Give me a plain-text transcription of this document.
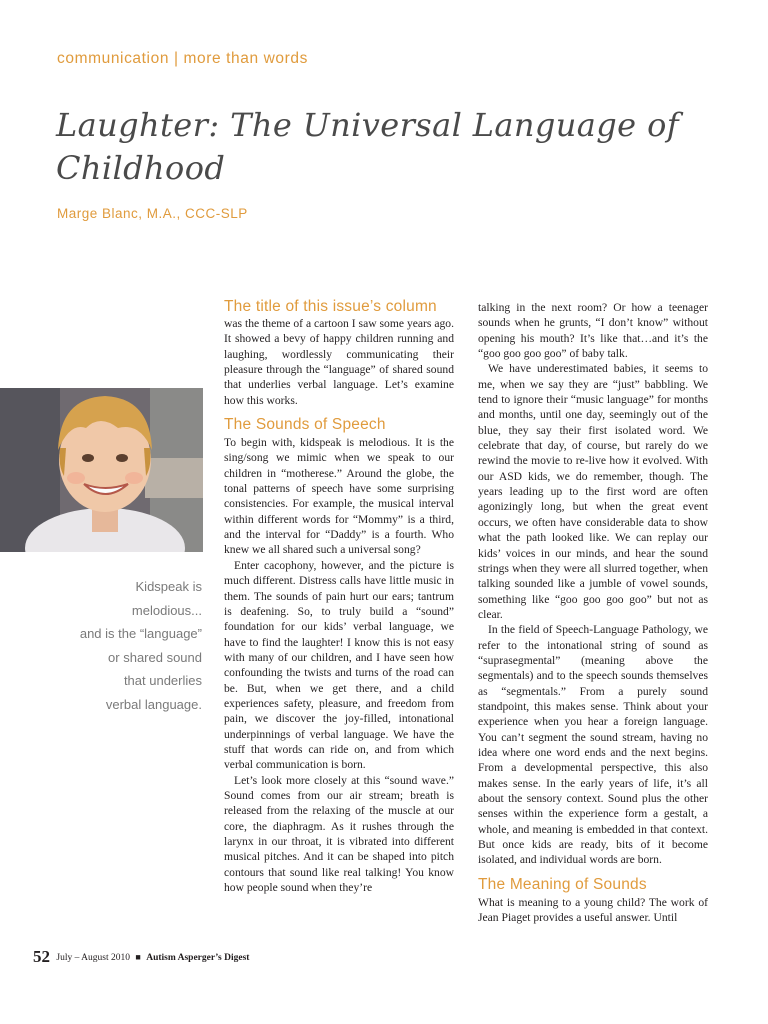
communication | more than words
Laughter: The Universal Language of Childhood
Marge Blanc, M.A., CCC-SLP
Kidspeak is
melodious...
and is the “language”
or shared sound
that underlies
verbal language.
The title of this issue’s column

was the theme of a cartoon I saw some years ago. It showed a bevy of happy children running and laughing, wordlessly communicating their pleasure through the “language” of shared sound that underlies verbal language. Let’s examine how this works.

The Sounds of Speech

To begin with, kidspeak is melodious. It is the sing/song we mimic when we speak to our children in “motherese.” Around the globe, the tonal patterns of speech have some surprising consistencies. For example, the musical interval within different words for “Mommy” is a third, and the interval for “Daddy” is a fourth. Who knew we all shared such a universal song?

Enter cacophony, however, and the picture is much different. Distress calls have little music in them. The sounds of pain hurt our ears; tantrum is deafening. So, to truly build a “sound” foundation for our kids’ verbal language, we have to find the laughter! I know this is not easy with many of our children, and I have seen how confounding the twists and turns of the road can be. But, when we get there, and a child experiences safety, pleasure, and freedom from pain, we discover the joy-filled, intonational underpinnings of verbal language. We have the stuff that words can ride on, and from which verbal communication is born.

Let’s look more closely at this “sound wave.” Sound comes from our air stream; breath is released from the relaxing of the muscle at our core, the diaphragm. As it rushes through the larynx in our throat, it is vibrated into different musical pitches. And it can be shaped into pitch contours that sound like real talking! You know how people sound when they’re

talking in the next room? Or how a teenager sounds when he grunts, “I don’t know” without opening his mouth? It’s like that…and it’s the “goo goo goo goo” of baby talk.

We have underestimated babies, it seems to me, when we say they are “just” babbling. We tend to ignore their “music language” for months and months, until one day, seemingly out of the blue, they say their first isolated word. We celebrate that day, of course, but rarely do we rewind the movie to re-live how it evolved. With our ASD kids, we do remember, though. The years leading up to the first word are often agonizingly long, but when the great event occurs, we often have considerable data to show what the path looked like. We can replay our kids’ voices in our minds, and hear the sound strings when they were all slurred together, when talking sounded like a jumble of vowel sounds, something like “goo goo goo goo” but not as clear.

In the field of Speech-Language Pathology, we refer to the intonational string of sound as “suprasegmental” (meaning above the segmentals) and to the speech sounds themselves as “segmentals.” From a purely sound standpoint, this makes sense. Think about your experience when you hear a foreign language. You can’t segment the sound stream, having no idea where one word ends and the next begins. From a developmental perspective, this also makes sense. In the early years of life, it’s all about the sensory context. Sound plus the other senses within the experience form a gestalt, a whole, and meaning is embedded in that context. But once kids are ready, bits of it become isolated, and individual words are born.

The Meaning of Sounds

What is meaning to a young child? The work of Jean Piaget provides a useful answer. Until

52 July – August 2010 ■ Autism Asperger’s Digest
